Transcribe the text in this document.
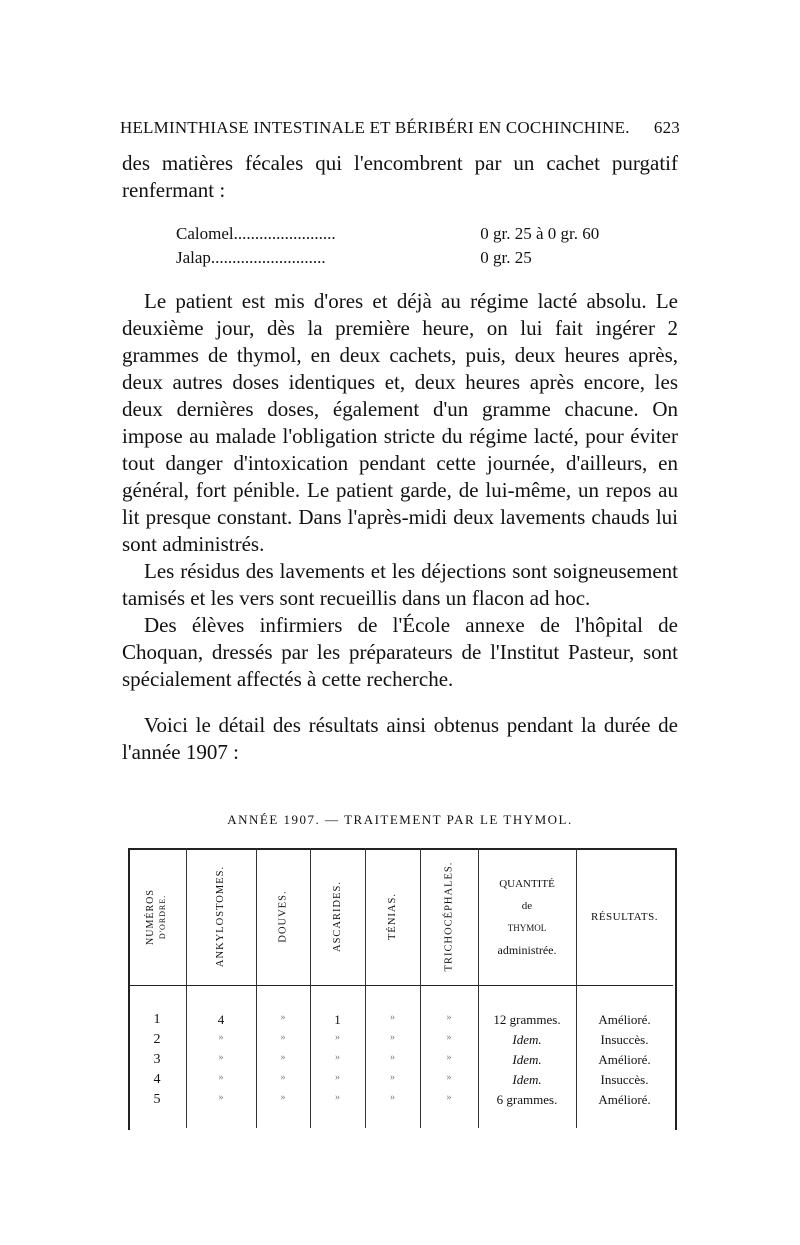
HELMINTHIASE INTESTINALE ET BÉRIBÉRI EN COCHINCHINE. 623
des matières fécales qui l'encombrent par un cachet purgatif renfermant :
Calomel........................	0 gr. 25 à 0 gr. 60
Jalap...........................	0 gr. 25
Le patient est mis d'ores et déjà au régime lacté absolu. Le deuxième jour, dès la première heure, on lui fait ingérer 2 grammes de thymol, en deux cachets, puis, deux heures après, deux autres doses identiques et, deux heures après encore, les deux dernières doses, également d'un gramme chacune. On impose au malade l'obligation stricte du régime lacté, pour éviter tout danger d'intoxication pendant cette journée, d'ailleurs, en général, fort pénible. Le patient garde, de lui-même, un repos au lit presque constant. Dans l'après-midi deux lavements chauds lui sont administrés.
Les résidus des lavements et les déjections sont soigneusement tamisés et les vers sont recueillis dans un flacon ad hoc.
Des élèves infirmiers de l'École annexe de l'hôpital de Choquan, dressés par les préparateurs de l'Institut Pasteur, sont spécialement affectés à cette recherche.
Voici le détail des résultats ainsi obtenus pendant la durée de l'année 1907 :
ANNÉE 1907. — TRAITEMENT PAR LE THYMOL.
NUMÉROS D'ORDRE.	ANKYLOSTOMES.	DOUVES.	ASCARIDES.	TÉNIAS.	TRICHOCÉPHALES.	QUANTITÉ
de
THYMOL
administrée.
RÉSULTATS.
1	4	»	1	»	»	12 grammes.	Amélioré.
2	»	»	»	»	»	Idem.	Insuccès.
3	»	»	»	»	»	Idem.	Amélioré.
4	»	»	»	»	»	Idem.	Insuccès.
5	»	»	»	»	»	6 grammes.	Amélioré.
